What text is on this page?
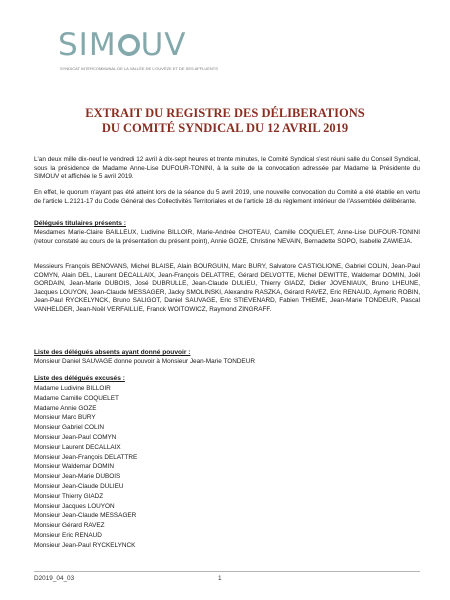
SIM UV
SYNDICAT INTERCOMMUNAL DE LA VALLÉE DE L'OUVÈZE ET DE SES AFFLUENTS
EXTRAIT DU REGISTRE DES DÉLIBERATIONS
DU COMITÉ SYNDICAL DU 12 AVRIL 2019
L'an deux mille dix-neuf le vendredi 12 avril à dix-sept heures et trente minutes, le Comité Syndical s'est réuni salle du Conseil Syndical, sous la présidence de Madame Anne-Lise DUFOUR-TONINI, à la suite de la convocation adressée par Madame la Présidente du SIMOUV et affichée le 5 avril 2019.
En effet, le quorum n'ayant pas été atteint lors de la séance du 5 avril 2019, une nouvelle convocation du Comité a été établie en vertu de l'article L.2121-17 du Code Général des Collectivités Territoriales et de l'article 18 du règlement intérieur de l'Assemblée délibérante.
Délégués titulaires présents :
Mesdames Marie-Claire BAILLEUX, Ludivine BILLOIR, Marie-Andrée CHOTEAU, Camille COQUELET, Anne-Lise DUFOUR-TONINI (retour constaté au cours de la présentation du présent point), Annie GOZE, Christine NEVAIN, Bernadette SOPO, Isabelle ZAWIEJA.
Messieurs François BENOVANS, Michel BLAISE, Alain BOURGUIN, Marc BURY, Salvatore CASTIGLIONE, Gabriel COLIN, Jean-Paul COMYN, Alain DEL, Laurent DECALLAIX, Jean-François DELATTRE, Gérard DELVOTTE, Michel DEWITTE, Waldemar DOMIN, Joël GORDAIN, Jean-Marie DUBOIS, José DUBRULLE, Jean-Claude DULIEU, Thierry GIADZ, Didier JOVENIAUX, Bruno LHEUNE, Jacques LOUYON, Jean-Claude MESSAGER, Jacky SMOLINSKI, Alexandre RASZKA, Gérard RAVEZ, Eric RENAUD, Aymeric ROBIN, Jean-Paul RYCKELYNCK, Bruno SALIGOT, Daniel SAUVAGE, Eric STIEVENARD, Fabien THIEME, Jean-Marie TONDEUR, Pascal VANHELDER, Jean-Noël VERFAILLIE, Franck WOITOWICZ, Raymond ZINGRAFF.
Liste des délégués absents ayant donné pouvoir :
Monsieur Daniel SAUVAGE donne pouvoir à Monsieur Jean-Marie TONDEUR
Liste des délégués excusés :
Madame Ludivine BILLOIR
Madame Camille COQUELET
Madame Annie GOZE
Monsieur Marc BURY
Monsieur Gabriel COLIN
Monsieur Jean-Paul COMYN
Monsieur Laurent DECALLAIX
Monsieur Jean-François DELATTRE
Monsieur Waldemar DOMIN
Monsieur Jean-Marie DUBOIS
Monsieur Jean-Claude DULIEU
Monsieur Thierry GIADZ
Monsieur Jacques LOUYON
Monsieur Jean-Claude MESSAGER
Monsieur Gérard RAVEZ
Monsieur Eric RENAUD
Monsieur Jean-Paul RYCKELYNCK
D2019_04_03	1
